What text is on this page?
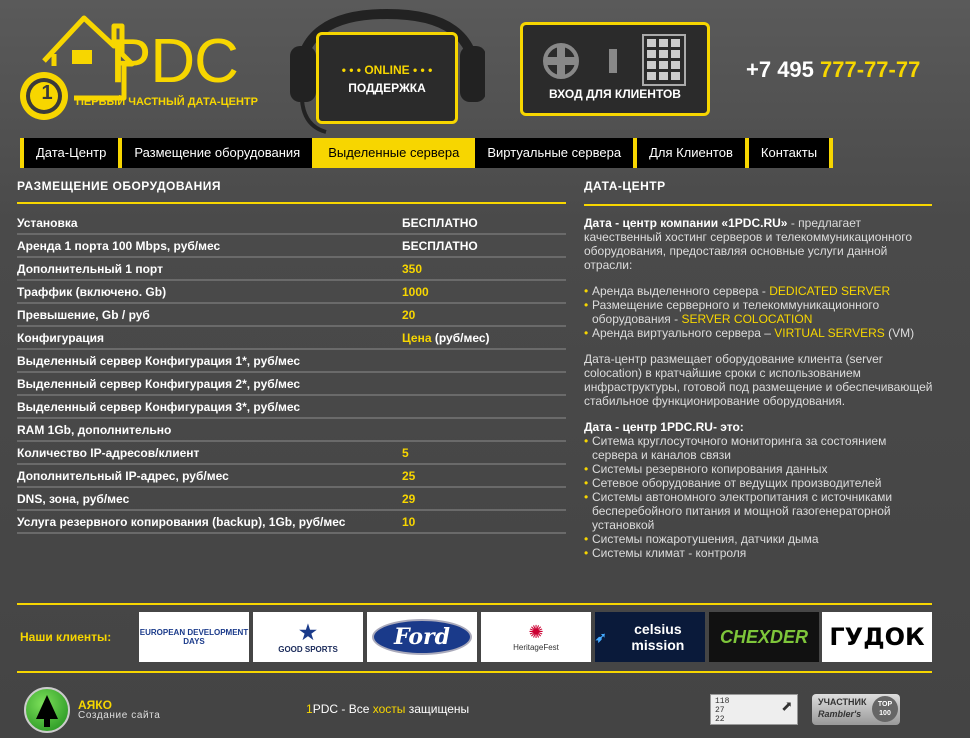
1 PDC
ПЕРВЫЙ ЧАСТНЫЙ ДАТА-ЦЕНТР
• • • ONLINE • • •
ПОДДЕРЖКА	ВХОД ДЛЯ КЛИЕНТОВ
+7 495 777-77-77
Дата-Центр	Размещение оборудования	Выделенные сервера	Виртуальные сервера	Для Клиентов	Контакты
РАЗМЕЩЕНИЕ ОБОРУДОВАНИЯ
Установка	БЕСПЛАТНО
Аренда 1 порта 100 Mbps, руб/мес	БЕСПЛАТНО
Дополнительный 1 порт	350
Траффик (включено. Gb)	1000
Превышение, Gb / руб	20
Конфигурация	Цена (руб/мес)
Выделенный сервер Конфигурация 1*, руб/мес
Выделенный сервер Конфигурация 2*, руб/мес
Выделенный сервер Конфигурация 3*, руб/мес
RAM 1Gb, дополнительно
Количество IP-адресов/клиент	5
Дополнительный IP-адрес, руб/мес	25
DNS, зона, руб/мес	29
Услуга резервного копирования (backup), 1Gb, руб/мес	10
ДАТА-ЦЕНТР

Дата - центр компании «1PDC.RU» - предлагает качественный хостинг серверов и телекоммуникационного оборудования, предоставляя основные услуги данной отрасли:

• Аренда выделенного сервера - DEDICATED SERVER
• Размещение серверного и телекоммуникационного оборудования - SERVER COLOCATION
• Аренда виртуального сервера – VIRTUAL SERVERS (VM)

Дата-центр размещает оборудование клиента (server colocation) в кратчайшие сроки с использованием инфраструктуры, готовой под размещение и обеспечивающей стабильное функционирование оборудования.

Дата - центр 1PDC.RU- это:
• Ситема круглосуточного мониторинга за состоянием сервера и каналов связи
• Системы резервного копирования данных
• Сетевое оборудование от ведущих производителей
• Системы автономного электропитания с источниками бесперебойного питания и мощной газогенераторной установкой
• Системы пожаротушения, датчики дыма
• Системы климат - контроля
Наши клиенты:	EUROPEAN DEVELOPMENT DAYS	★
GOOD SPORTS	Ford	✺
HeritageFest
➶	celsius mission	CHEXDER ГУДОК
АЯКО
Создание сайта	1PDC - Все хосты защищены
118
27
22	⬈	УЧАСТНИК
Rambler's
TOP 100
